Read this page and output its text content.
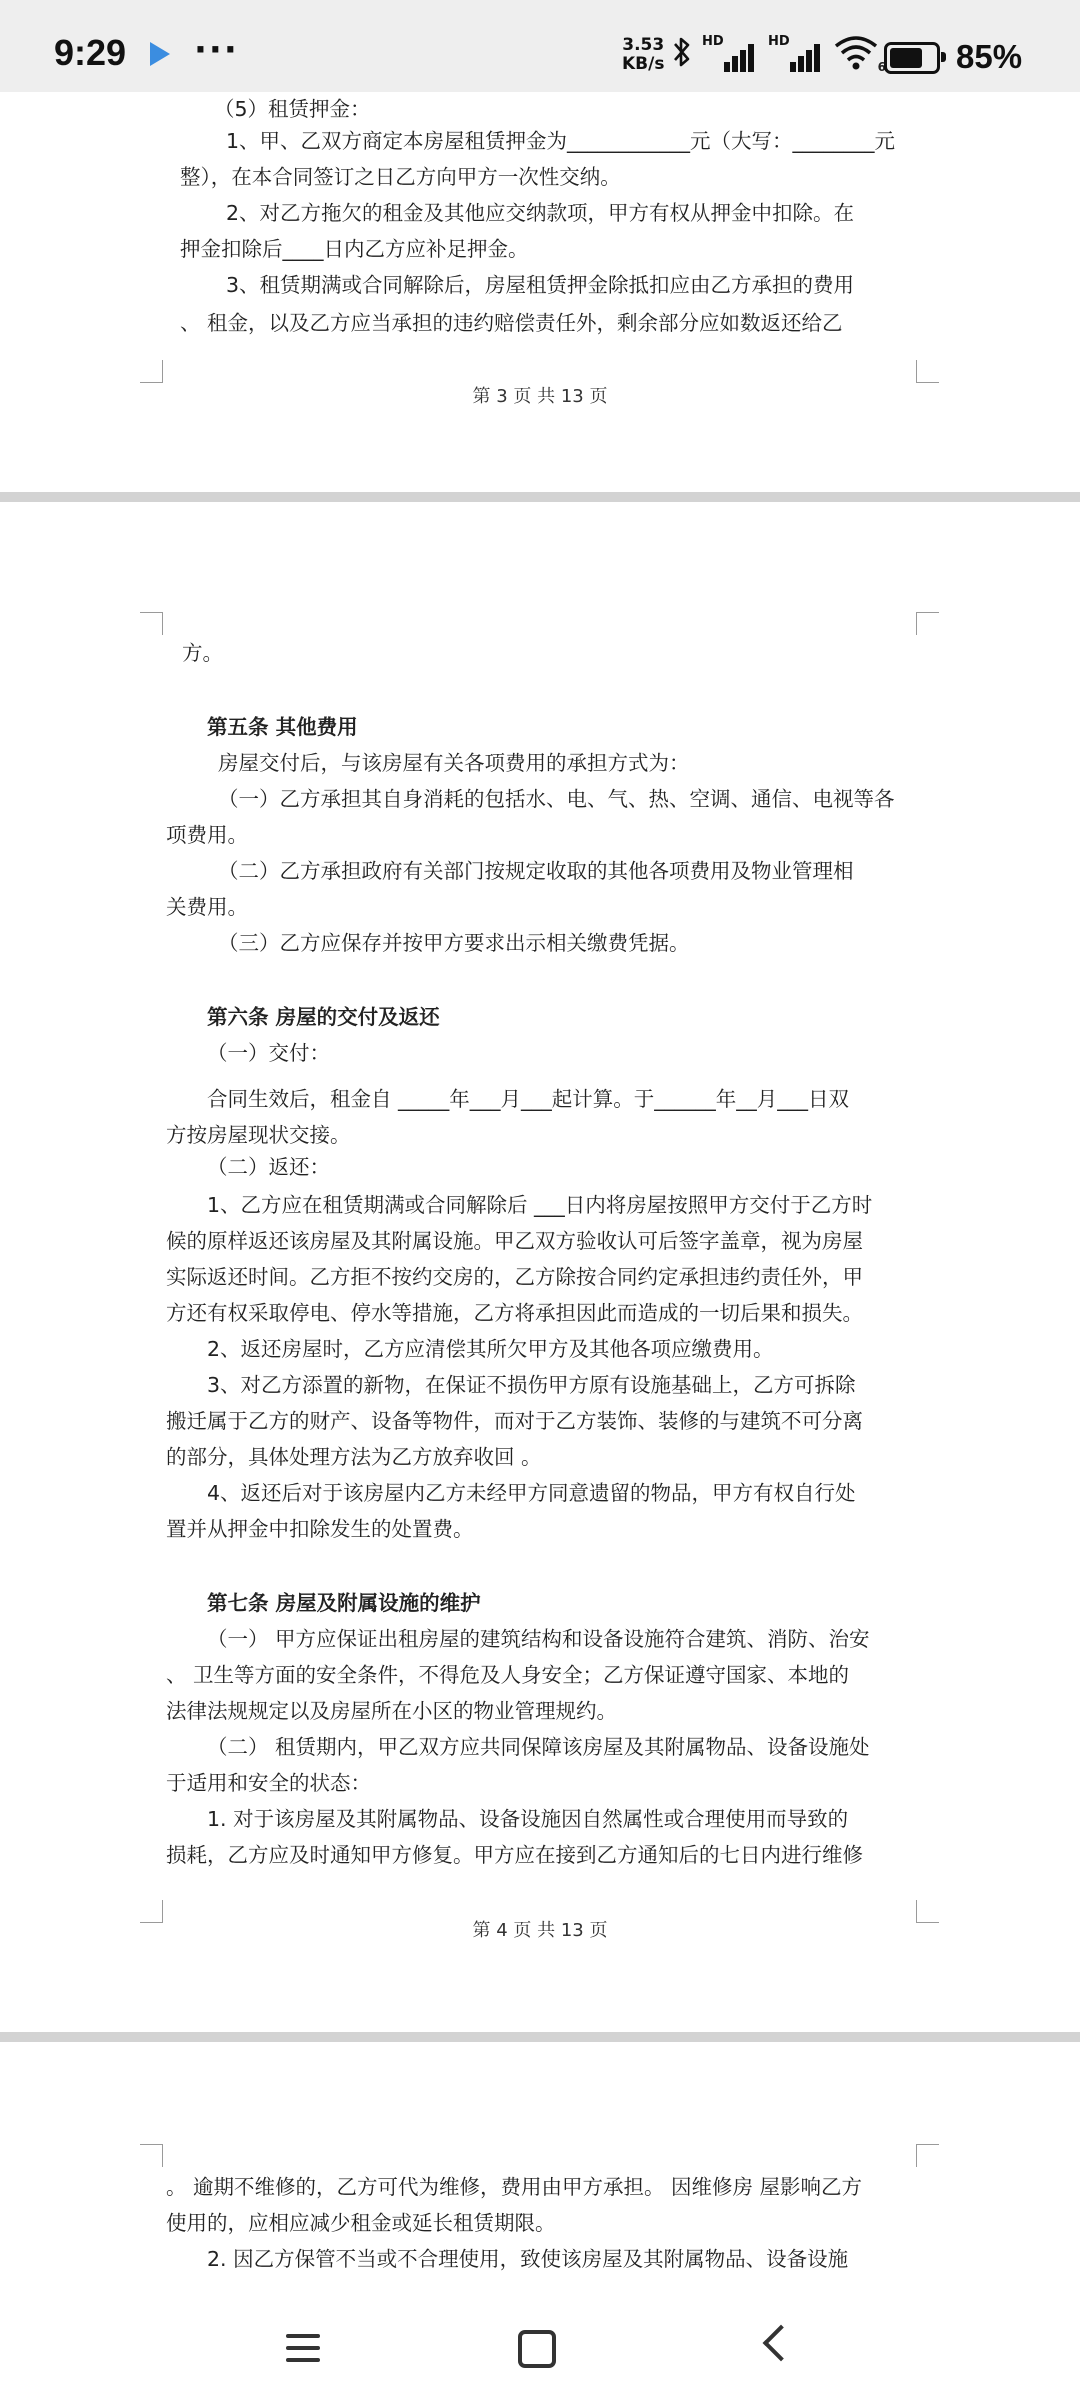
9:29 ···	3.53
KB/s
HD	HD
6 85%
（5）租赁押金：
1、甲、乙双方商定本房屋租赁押金为____________元（大写：________元
整），在本合同签订之日乙方向甲方一次性交纳。
2、对乙方拖欠的租金及其他应交纳款项，甲方有权从押金中扣除。在
押金扣除后____日内乙方应补足押金。
3、租赁期满或合同解除后，房屋租赁押金除抵扣应由乙方承担的费用
、 租金，以及乙方应当承担的违约赔偿责任外，剩余部分应如数返还给乙
第 3 页 共 13 页
方。
第五条 其他费用
房屋交付后，与该房屋有关各项费用的承担方式为：
（一）乙方承担其自身消耗的包括水、电、气、热、空调、通信、电视等各
项费用。
（二）乙方承担政府有关部门按规定收取的其他各项费用及物业管理相
关费用。
（三）乙方应保存并按甲方要求出示相关缴费凭据。
第六条 房屋的交付及返还
（一）交付：
合同生效后，租金自 _____年___月___起计算。于______年__月___日双
方按房屋现状交接。
（二）返还：
1、乙方应在租赁期满或合同解除后 ___日内将房屋按照甲方交付于乙方时
候的原样返还该房屋及其附属设施。甲乙双方验收认可后签字盖章，视为房屋
实际返还时间。乙方拒不按约交房的，乙方除按合同约定承担违约责任外，甲
方还有权采取停电、停水等措施，乙方将承担因此而造成的一切后果和损失。
2、返还房屋时，乙方应清偿其所欠甲方及其他各项应缴费用。
3、对乙方添置的新物，在保证不损伤甲方原有设施基础上，乙方可拆除
搬迁属于乙方的财产、设备等物件，而对于乙方装饰、装修的与建筑不可分离
的部分，具体处理方法为乙方放弃收回 。
4、返还后对于该房屋内乙方未经甲方同意遗留的物品，甲方有权自行处
置并从押金中扣除发生的处置费。
第七条 房屋及附属设施的维护
（一） 甲方应保证出租房屋的建筑结构和设备设施符合建筑、消防、治安
、 卫生等方面的安全条件，不得危及人身安全；乙方保证遵守国家、本地的
法律法规规定以及房屋所在小区的物业管理规约。
（二） 租赁期内，甲乙双方应共同保障该房屋及其附属物品、设备设施处
于适用和安全的状态：
1. 对于该房屋及其附属物品、设备设施因自然属性或合理使用而导致的
损耗，乙方应及时通知甲方修复。甲方应在接到乙方通知后的七日内进行维修
第 4 页 共 13 页
。 逾期不维修的，乙方可代为维修，费用由甲方承担。 因维修房 屋影响乙方
使用的，应相应减少租金或延长租赁期限。
2. 因乙方保管不当或不合理使用，致使该房屋及其附属物品、设备设施
